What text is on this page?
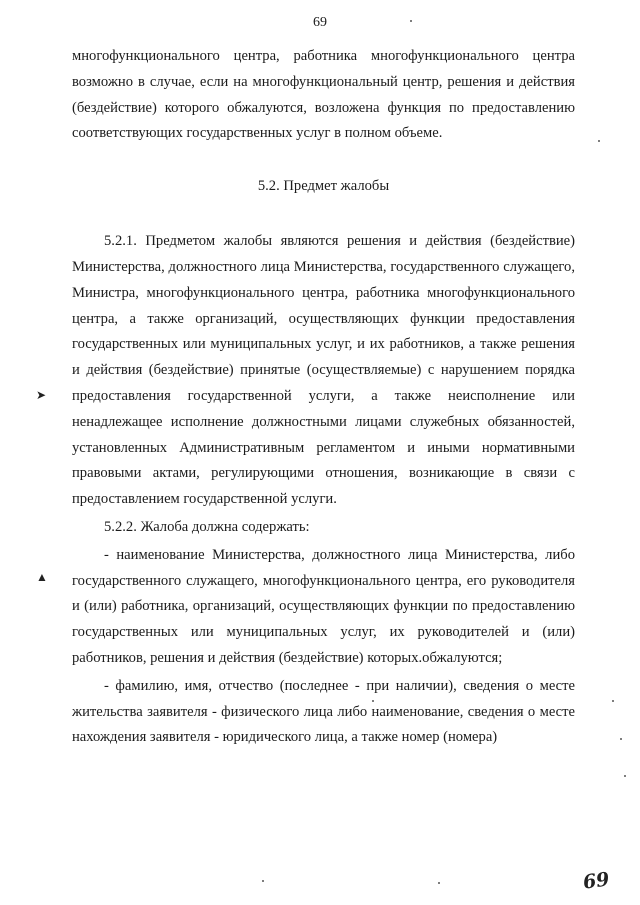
69

многофункционального центра, работника многофункционального центра возможно в случае, если на многофункциональный центр, решения и действия (бездействие) которого обжалуются, возложена функция по предоставлению соответствующих государственных услуг в полном объеме.

5.2. Предмет жалобы

5.2.1. Предметом жалобы являются решения и действия (бездействие) Министерства, должностного лица Министерства, государственного служащего, Министра, многофункционального центра, работника многофункционального центра, а также организаций, осуществляющих функции предоставления государственных или муниципальных услуг, и их работников, а также решения и действия (бездействие) принятые (осуществляемые) с нарушением порядка предоставления государственной услуги, а также неисполнение или ненадлежащее исполнение должностными лицами служебных обязанностей, установленных Административным регламентом и иными нормативными правовыми актами, регулирующими отношения, возникающие в связи с предоставлением государственной услуги.

5.2.2. Жалоба должна содержать:

- наименование Министерства, должностного лица Министерства, либо государственного служащего, многофункционального центра, его руководителя и (или) работника, организаций, осуществляющих функции по предоставлению государственных или муниципальных услуг, их руководителей и (или) работников, решения и действия (бездействие) которых.обжалуются;

- фамилию, имя, отчество (последнее - при наличии), сведения о месте жительства заявителя - физического лица либо наименование, сведения о месте нахождения заявителя - юридического лица, а также номер (номера)

➤
▲
69
